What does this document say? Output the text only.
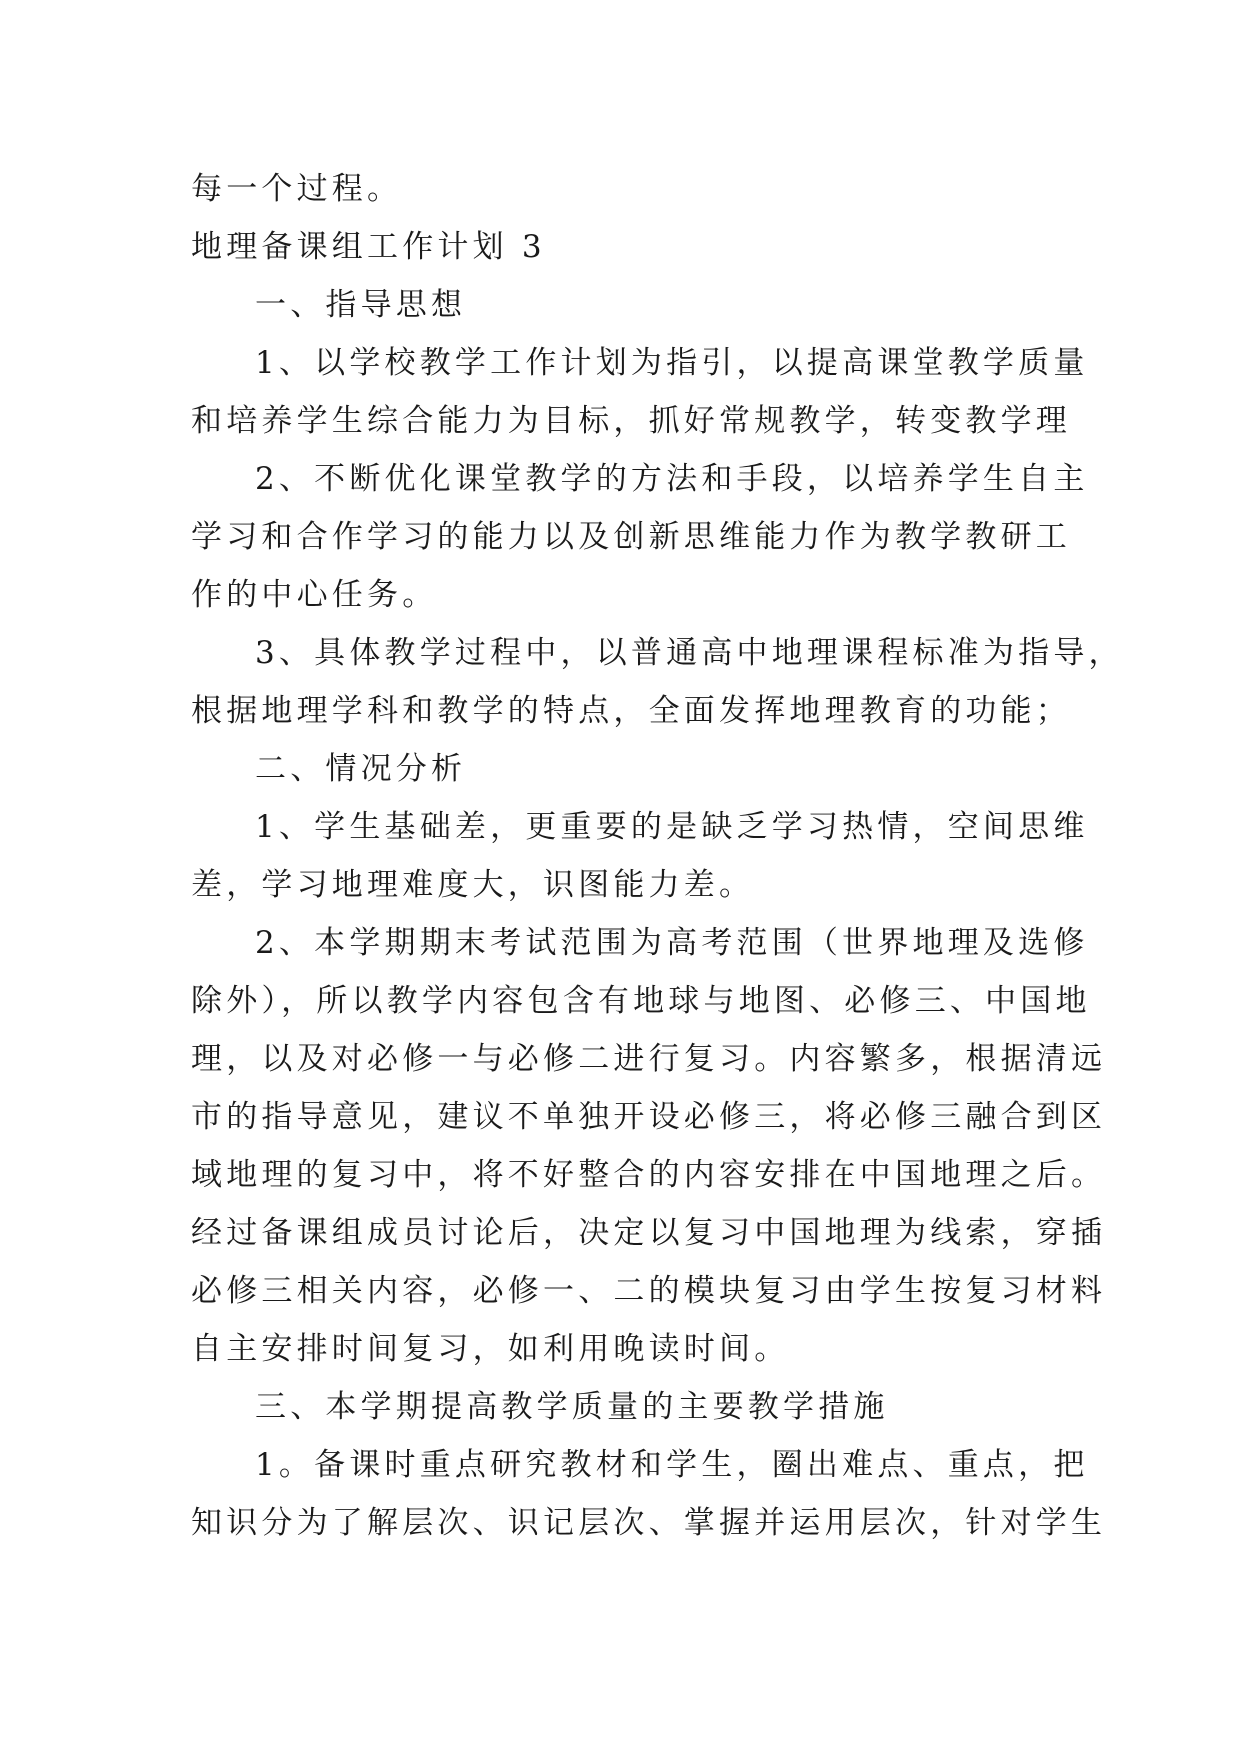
每一个过程。
地理备课组工作计划 3
一、指导思想
1、以学校教学工作计划为指引，以提高课堂教学质量
和培养学生综合能力为目标，抓好常规教学，转变教学理
2、不断优化课堂教学的方法和手段，以培养学生自主
学习和合作学习的能力以及创新思维能力作为教学教研工
作的中心任务。
3、具体教学过程中，以普通高中地理课程标准为指导，
根据地理学科和教学的特点，全面发挥地理教育的功能；
二、情况分析
1、学生基础差，更重要的是缺乏学习热情，空间思维
差，学习地理难度大，识图能力差。
2、本学期期末考试范围为高考范围（世界地理及选修
除外），所以教学内容包含有地球与地图、必修三、中国地
理，以及对必修一与必修二进行复习。内容繁多，根据清远
市的指导意见，建议不单独开设必修三，将必修三融合到区
域地理的复习中，将不好整合的内容安排在中国地理之后。
经过备课组成员讨论后，决定以复习中国地理为线索，穿插
必修三相关内容，必修一、二的模块复习由学生按复习材料
自主安排时间复习，如利用晚读时间。
三、本学期提高教学质量的主要教学措施
1。备课时重点研究教材和学生，圈出难点、重点，把
知识分为了解层次、识记层次、掌握并运用层次，针对学生
